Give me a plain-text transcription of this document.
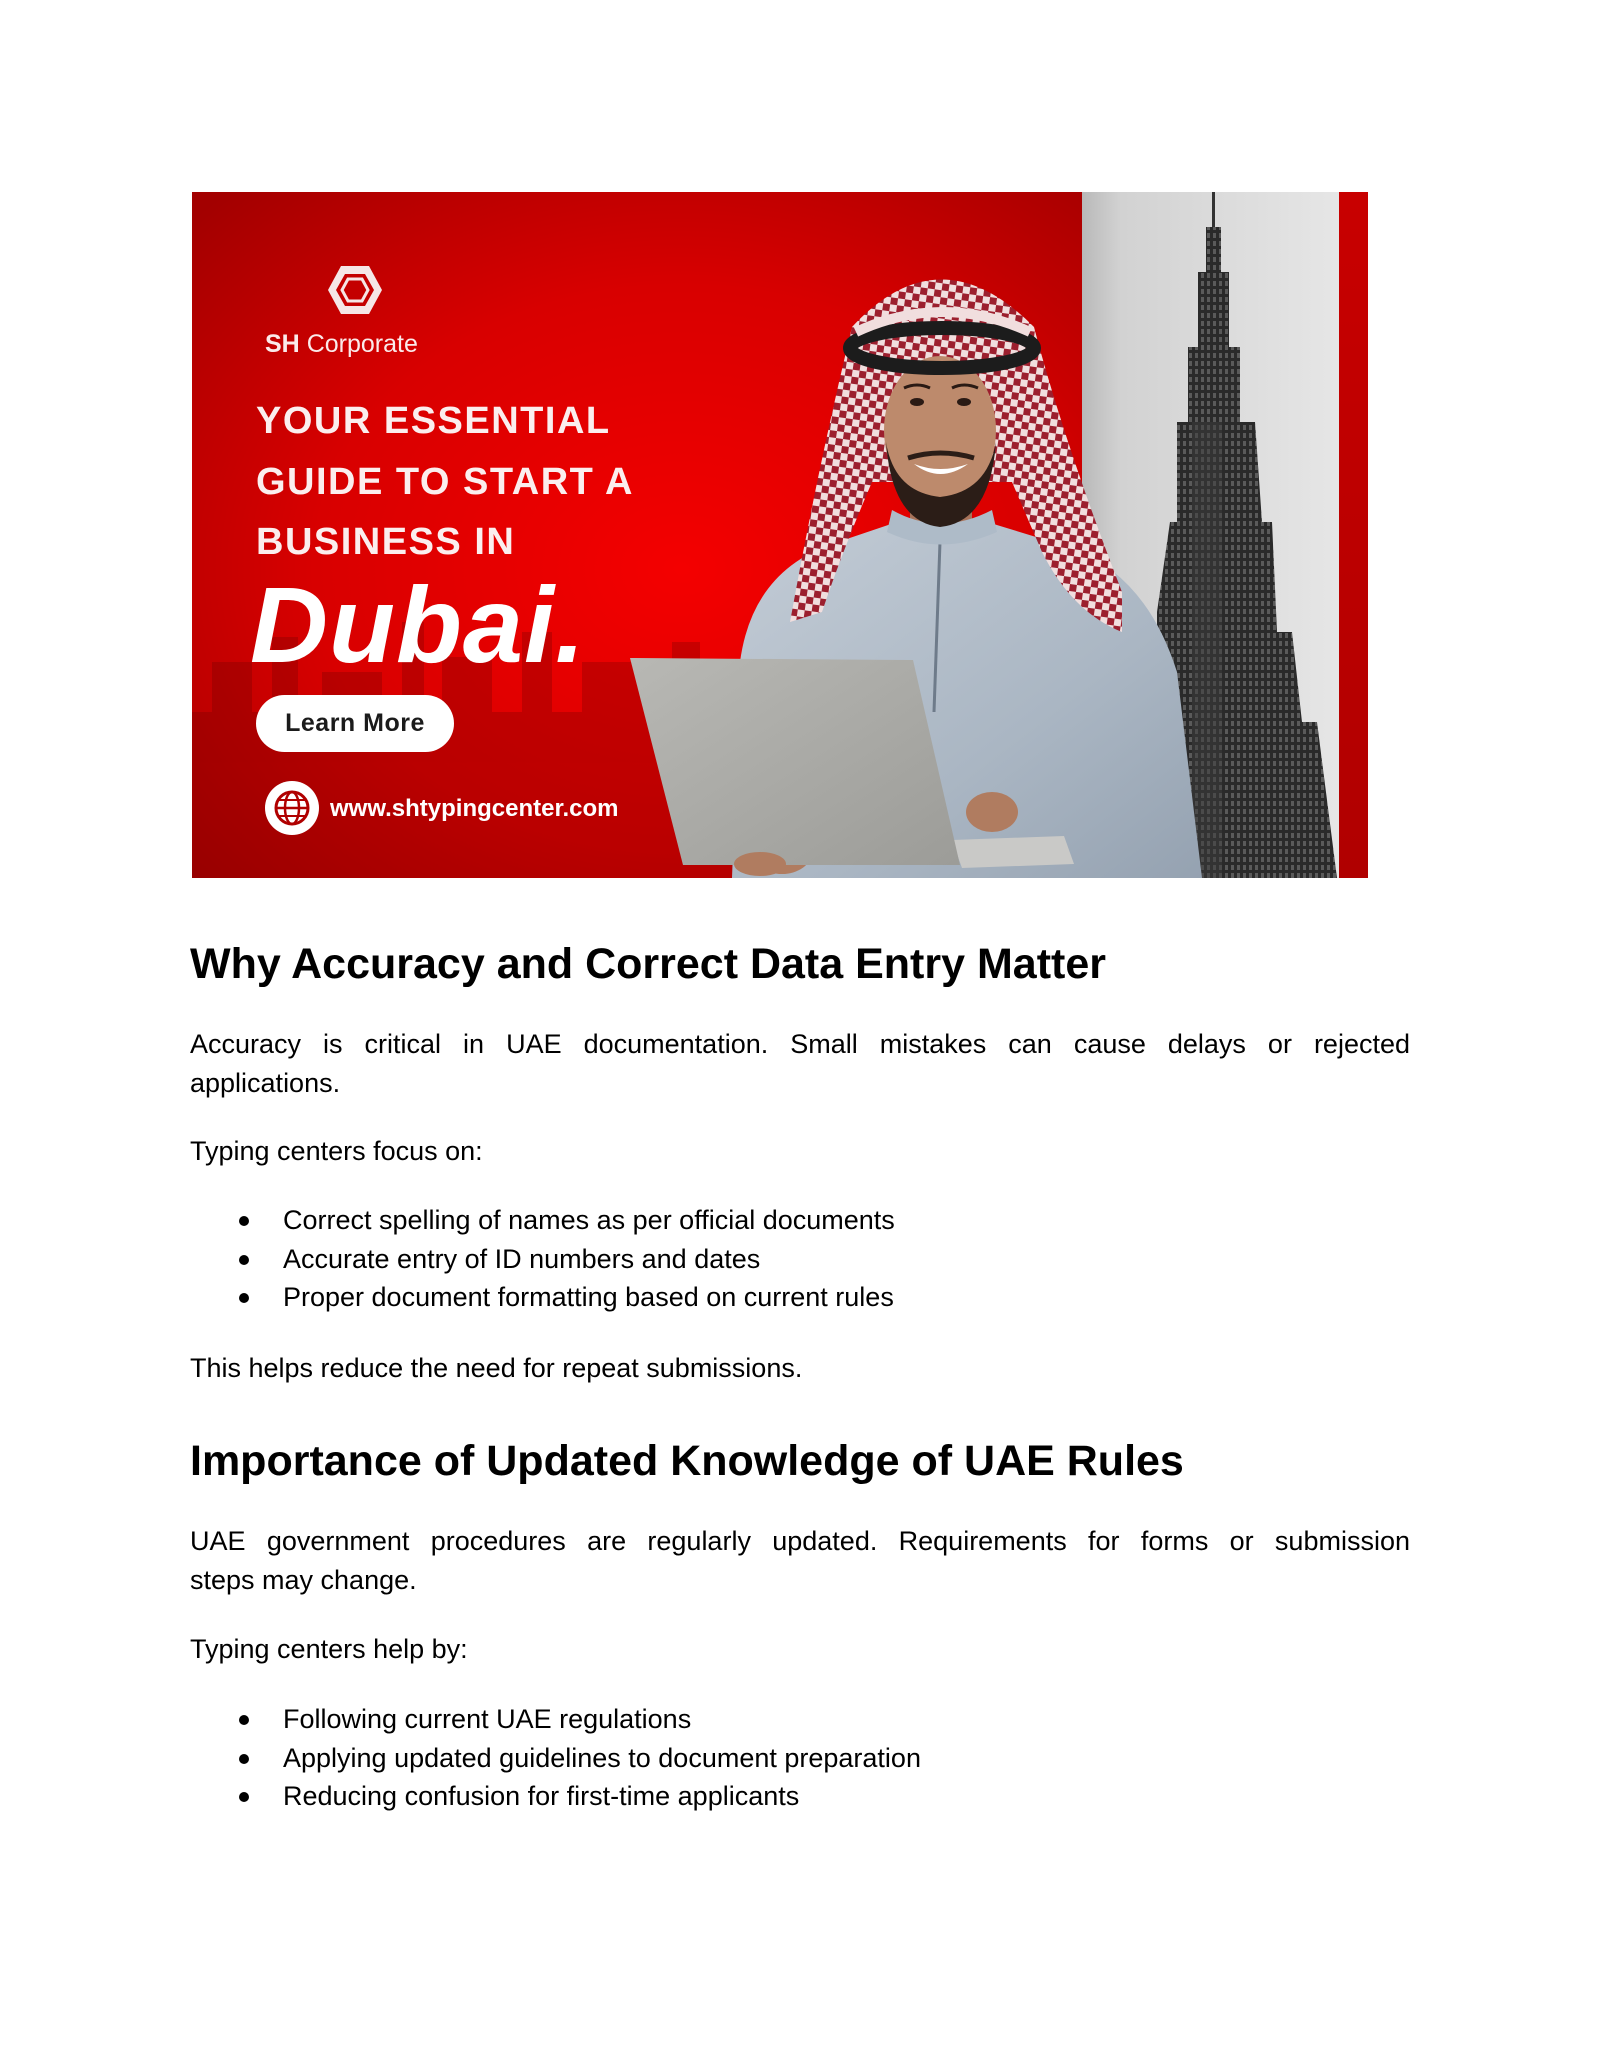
SH Corporate
YOUR ESSENTIAL
GUIDE TO START A
BUSINESS IN
Dubai.
Learn More
www.shtypingcenter.com
Why Accuracy and Correct Data Entry Matter
Accuracy is critical in UAE documentation. Small mistakes can cause delays or rejected
applications.

Typing centers focus on:

Correct spelling of names as per official documents
Accurate entry of ID numbers and dates
Proper document formatting based on current rules

This helps reduce the need for repeat submissions.

Importance of Updated Knowledge of UAE Rules
UAE government procedures are regularly updated. Requirements for forms or submission
steps may change.

Typing centers help by:

Following current UAE regulations
Applying updated guidelines to document preparation
Reducing confusion for first-time applicants
